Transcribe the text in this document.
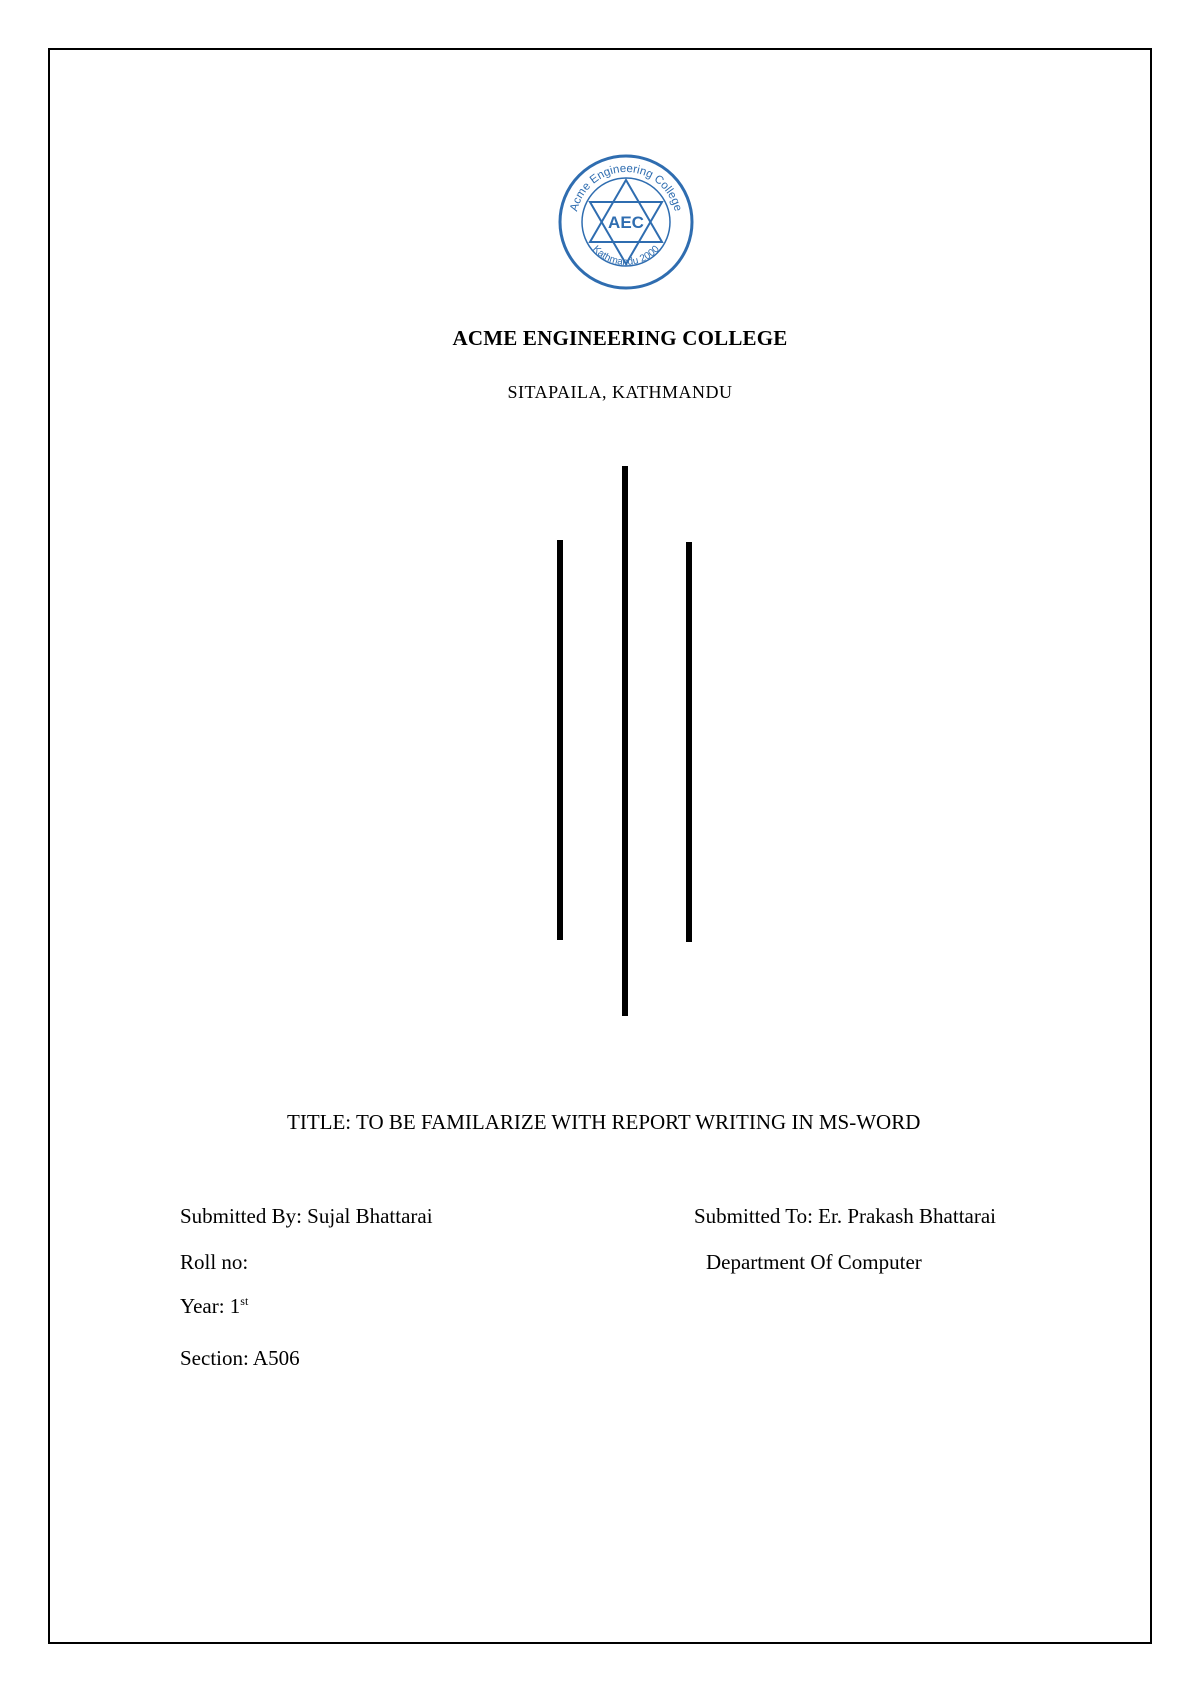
Acme Engineering College
Kathmandu 2000
AEC
ACME ENGINEERING COLLEGE
SITAPAILA, KATHMANDU
TITLE: TO BE FAMILARIZE WITH REPORT WRITING IN MS-WORD
Submitted By: Sujal Bhattarai
Roll no:
Year: 1st
Section: A506
Submitted To: Er. Prakash Bhattarai
Department Of Computer
